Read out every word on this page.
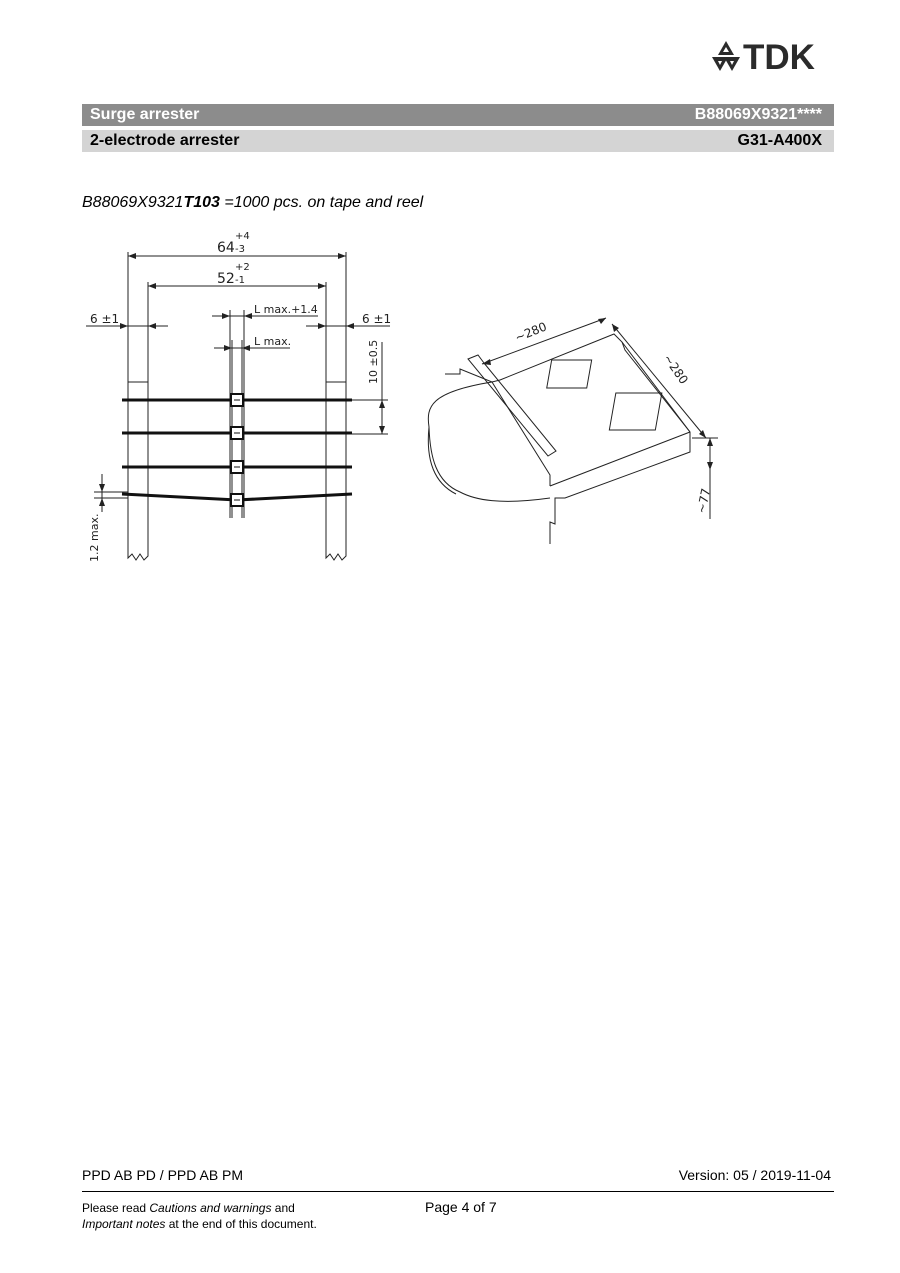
TDK
Surge arrester	B88069X9321****
2-electrode arrester	G31-A400X
B88069X9321T103 =1000 pcs. on tape and reel
+4
64 -3
+2
52 -1
6 ±1	6 ±1
L max.+1.4
L max.	10 ±0.5
1.2 max.
~280
~280
~77
PPD AB PD / PPD AB PM	Version: 05 / 2019-11-04
Please read Cautions and warnings and
Important notes at the end of this document.
Page 4 of 7
